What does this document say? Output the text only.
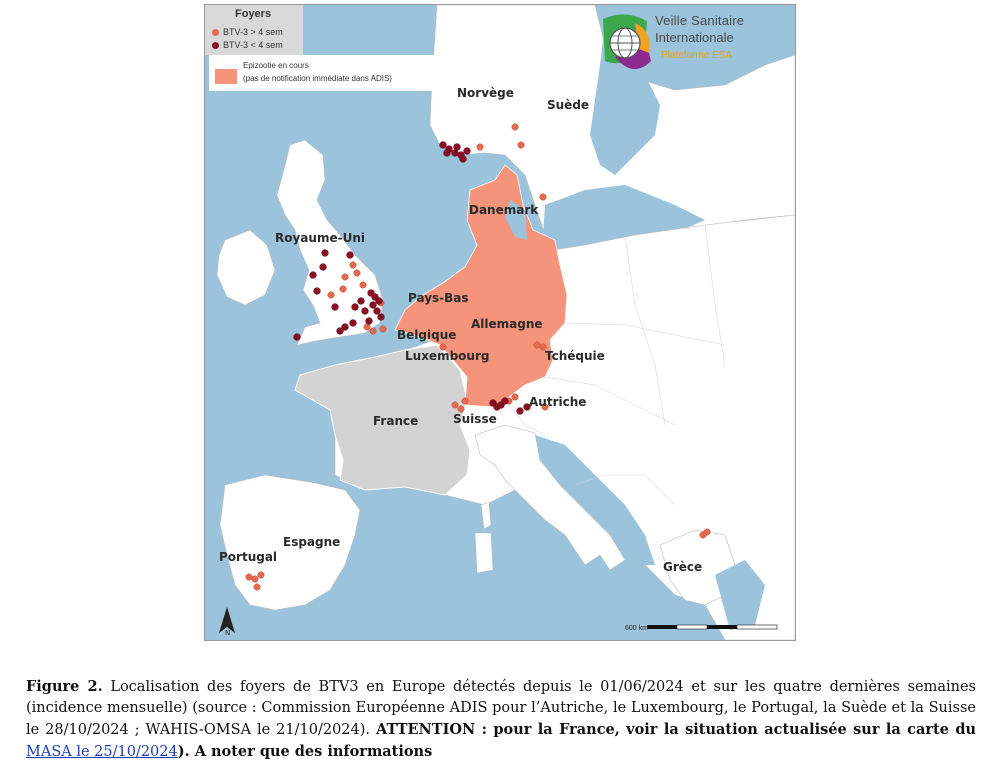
Norvège
Suède
Danemark
Royaume-Uni
Pays-Bas
Belgique
Allemagne
Luxembourg	Tchéquie
France	Suisse
Autriche
Espagne
Portugal
Grèce
N
600 km
Foyers
BTV-3 > 4 sem
BTV-3 < 4 sem
Epizootie en cours
(pas de notification immédiate dans ADIS)
Veille Sanitaire
Internationale
Plateforme ESA
Figure 2. Localisation des foyers de BTV3 en Europe détectés depuis le 01/06/2024 et sur les quatre dernières semaines (incidence mensuelle) (source : Commission Européenne ADIS pour l’Autriche, le Luxembourg, le Portugal, la Suède et la Suisse le 28/10/2024 ; WAHIS-OMSA le 21/10/2024). ATTENTION : pour la France, voir la situation actualisée sur la carte du MASA le 25/10/2024). A noter que des informations
